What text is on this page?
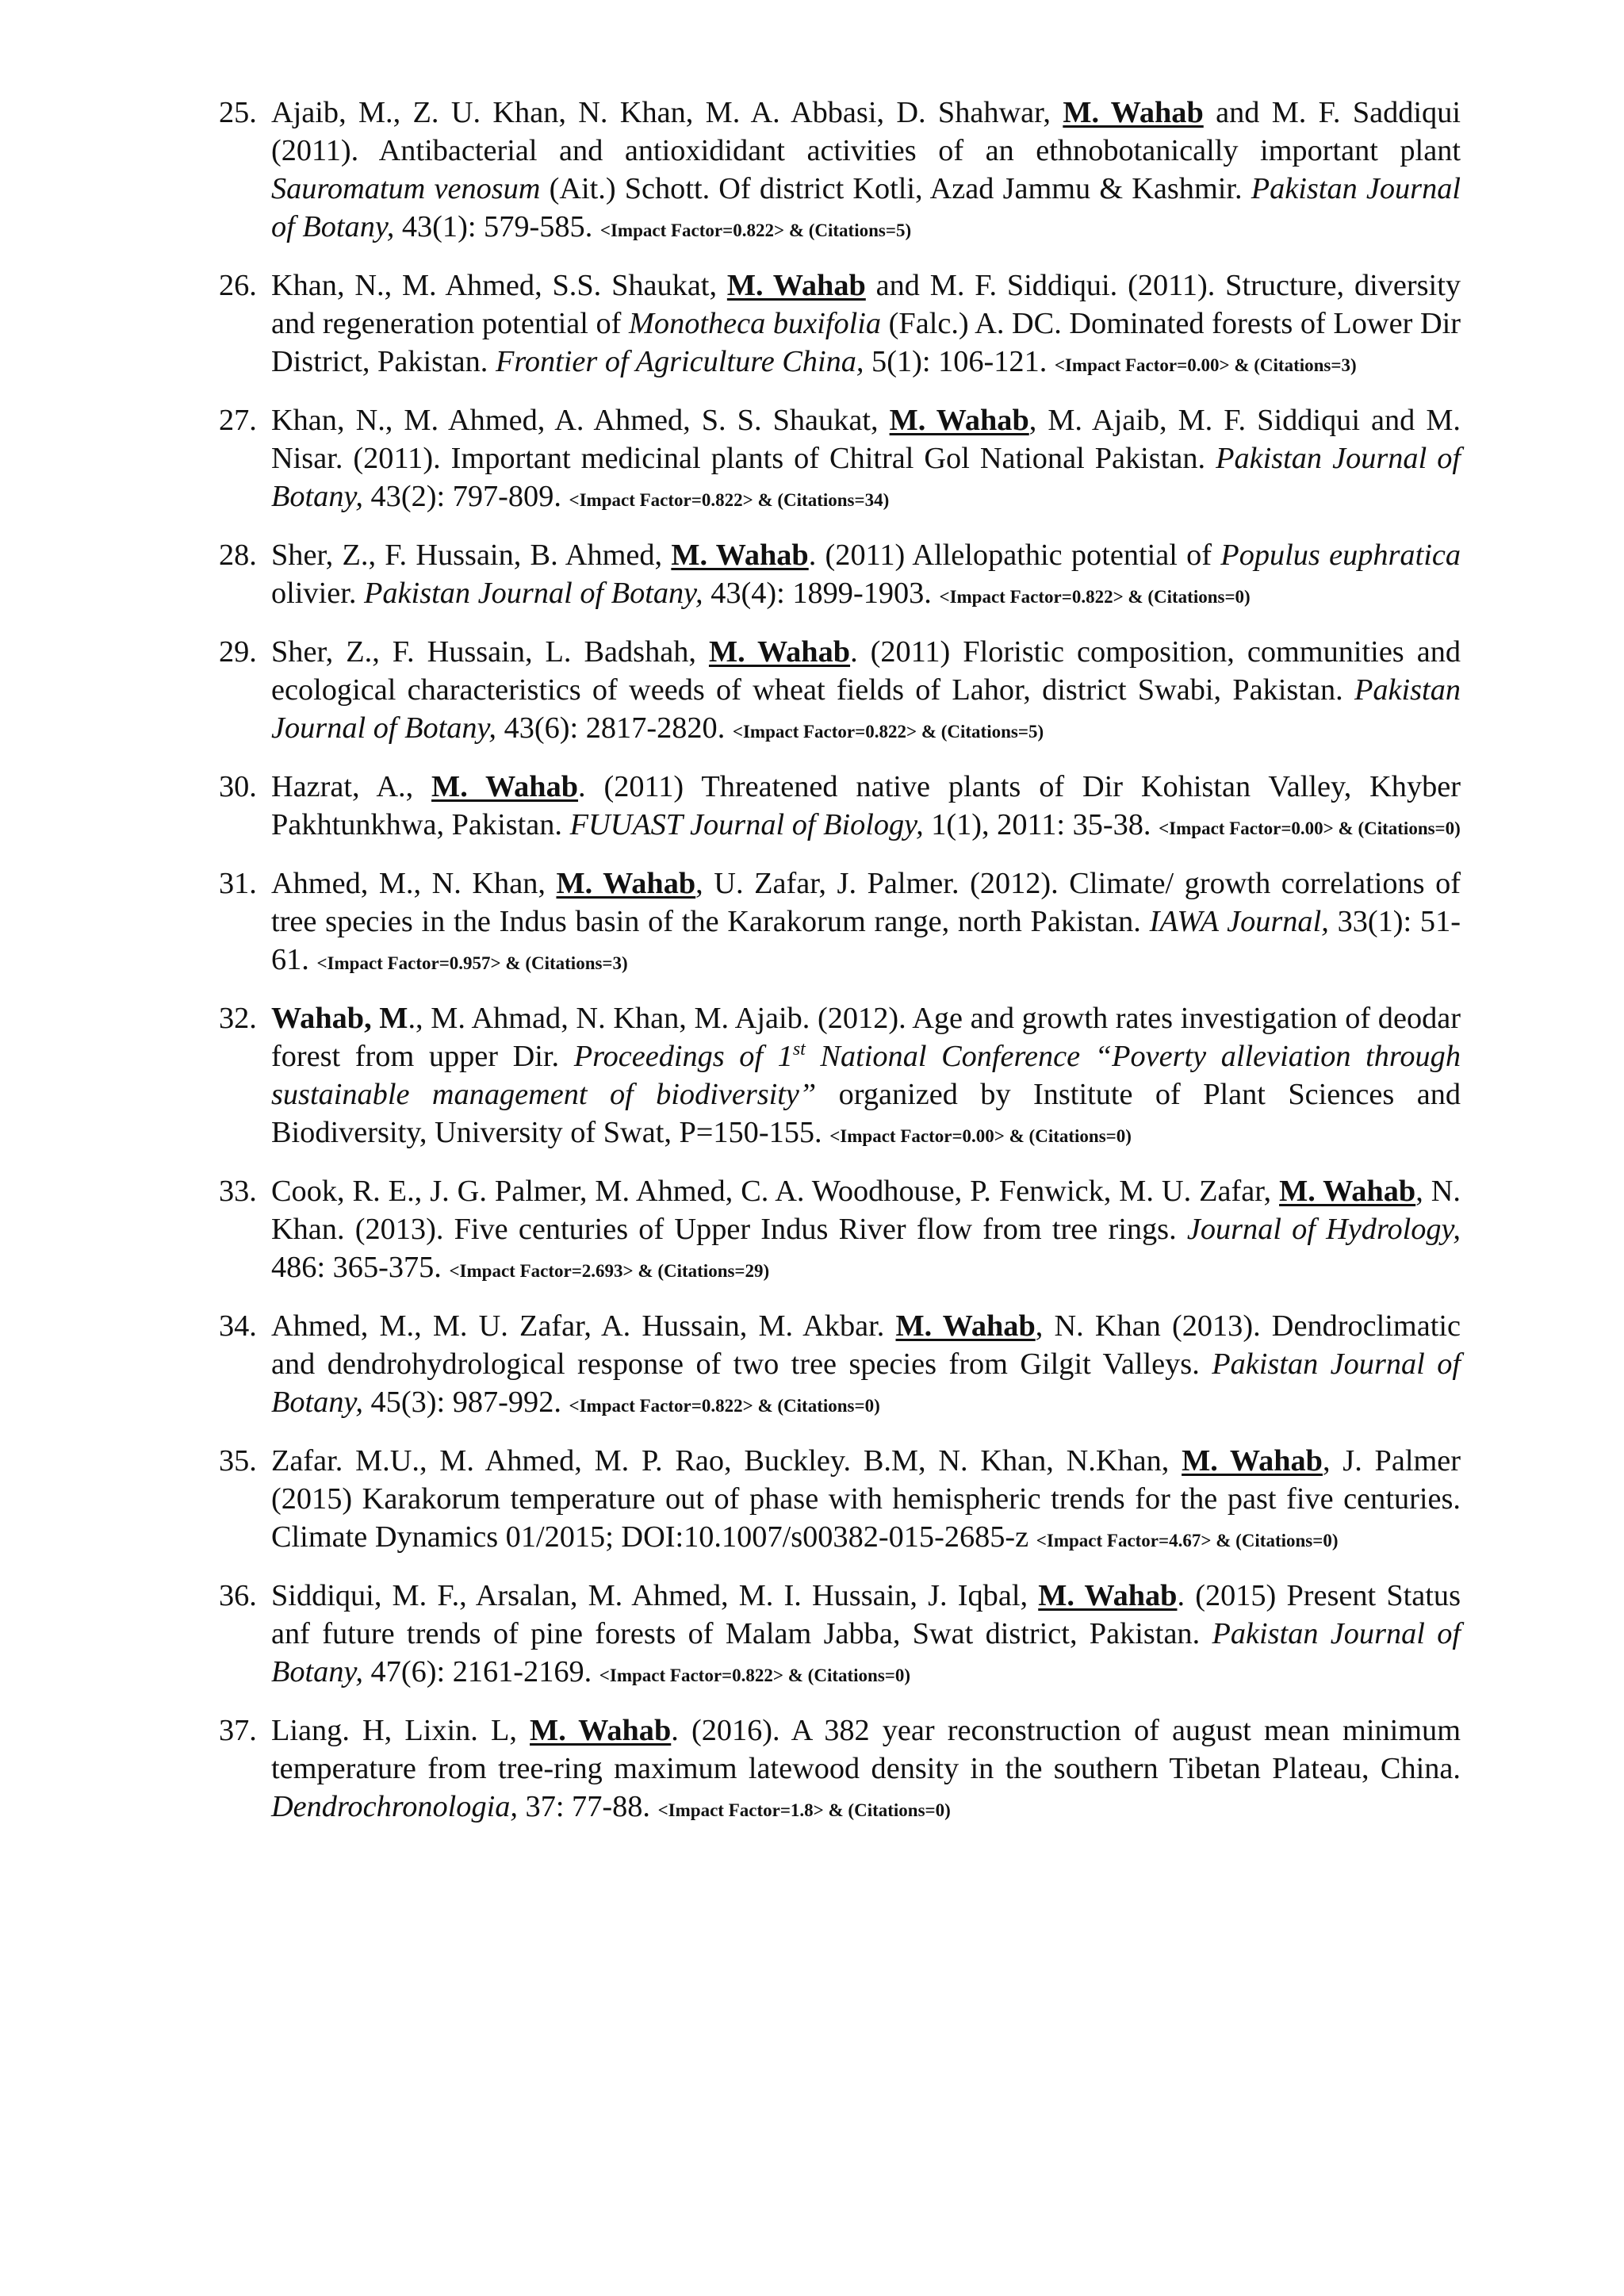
25. Ajaib, M., Z. U. Khan, N. Khan, M. A. Abbasi, D. Shahwar, M. Wahab and M. F. Saddiqui (2011). Antibacterial and antioxididant activities of an ethnobotanically important plant Sauromatum venosum (Ait.) Schott. Of district Kotli, Azad Jammu & Kashmir. Pakistan Journal of Botany, 43(1): 579-585. <Impact Factor=0.822> & (Citations=5)
26. Khan, N., M. Ahmed, S.S. Shaukat, M. Wahab and M. F. Siddiqui. (2011). Structure, diversity and regeneration potential of Monotheca buxifolia (Falc.) A. DC. Dominated forests of Lower Dir District, Pakistan. Frontier of Agriculture China, 5(1): 106-121. <Impact Factor=0.00> & (Citations=3)
27. Khan, N., M. Ahmed, A. Ahmed, S. S. Shaukat, M. Wahab, M. Ajaib, M. F. Siddiqui and M. Nisar. (2011). Important medicinal plants of Chitral Gol National Pakistan. Pakistan Journal of Botany, 43(2): 797-809. <Impact Factor=0.822> & (Citations=34)
28. Sher, Z., F. Hussain, B. Ahmed, M. Wahab. (2011) Allelopathic potential of Populus euphratica olivier. Pakistan Journal of Botany, 43(4): 1899-1903. <Impact Factor=0.822> & (Citations=0)
29. Sher, Z., F. Hussain, L. Badshah, M. Wahab. (2011) Floristic composition, communities and ecological characteristics of weeds of wheat fields of Lahor, district Swabi, Pakistan. Pakistan Journal of Botany, 43(6): 2817-2820. <Impact Factor=0.822> & (Citations=5)
30. Hazrat, A., M. Wahab. (2011) Threatened native plants of Dir Kohistan Valley, Khyber Pakhtunkhwa, Pakistan. FUUAST Journal of Biology, 1(1), 2011: 35-38. <Impact Factor=0.00> & (Citations=0)
31. Ahmed, M., N. Khan, M. Wahab, U. Zafar, J. Palmer. (2012). Climate/ growth correlations of tree species in the Indus basin of the Karakorum range, north Pakistan. IAWA Journal, 33(1): 51-61. <Impact Factor=0.957> & (Citations=3)
32. Wahab, M., M. Ahmad, N. Khan, M. Ajaib. (2012). Age and growth rates investigation of deodar forest from upper Dir. Proceedings of 1st National Conference “Poverty alleviation through sustainable management of biodiversity” organized by Institute of Plant Sciences and Biodiversity, University of Swat, P=150-155. <Impact Factor=0.00> & (Citations=0)
33. Cook, R. E., J. G. Palmer, M. Ahmed, C. A. Woodhouse, P. Fenwick, M. U. Zafar, M. Wahab, N. Khan. (2013). Five centuries of Upper Indus River flow from tree rings. Journal of Hydrology, 486: 365-375. <Impact Factor=2.693> & (Citations=29)
34. Ahmed, M., M. U. Zafar, A. Hussain, M. Akbar. M. Wahab, N. Khan (2013). Dendroclimatic and dendrohydrological response of two tree species from Gilgit Valleys. Pakistan Journal of Botany, 45(3): 987-992. <Impact Factor=0.822> & (Citations=0)
35. Zafar. M.U., M. Ahmed, M. P. Rao, Buckley. B.M, N. Khan, N.Khan, M. Wahab, J. Palmer (2015) Karakorum temperature out of phase with hemispheric trends for the past five centuries. Climate Dynamics 01/2015; DOI:10.1007/s00382-015-2685-z <Impact Factor=4.67> & (Citations=0)
36. Siddiqui, M. F., Arsalan, M. Ahmed, M. I. Hussain, J. Iqbal, M. Wahab. (2015) Present Status anf future trends of pine forests of Malam Jabba, Swat district, Pakistan. Pakistan Journal of Botany, 47(6): 2161-2169. <Impact Factor=0.822> & (Citations=0)
37. Liang. H, Lixin. L, M. Wahab. (2016). A 382 year reconstruction of august mean minimum temperature from tree-ring maximum latewood density in the southern Tibetan Plateau, China. Dendrochronologia, 37: 77-88. <Impact Factor=1.8> & (Citations=0)
